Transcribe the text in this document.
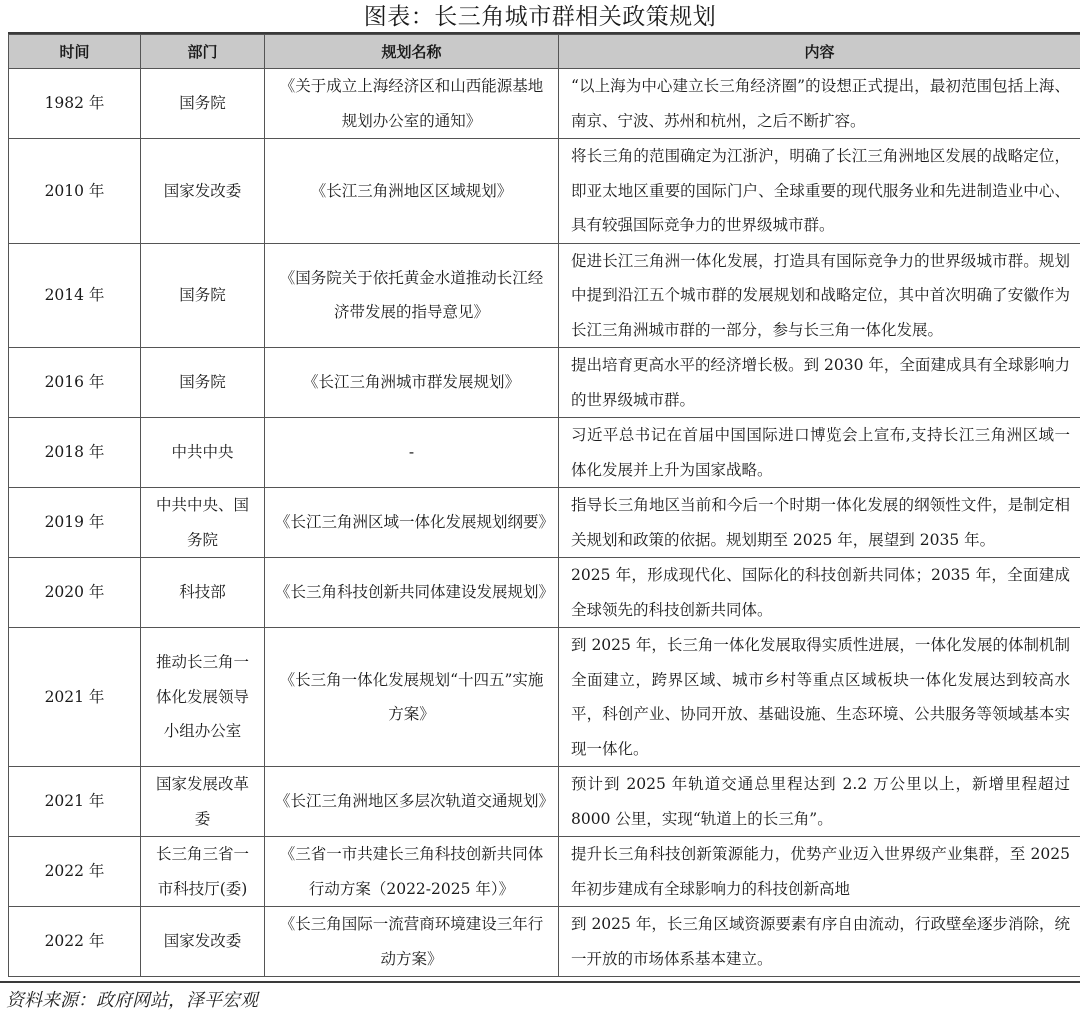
图表：长三角城市群相关政策规划
时间	部门	规划名称	内容
1982 年	国务院	《关于成立上海经济区和山西能源基地规划办公室的通知》	“以上海为中心建立长三角经济圈”的设想正式提出，最初范围包括上海、南京、宁波、苏州和杭州，之后不断扩容。
2010 年	国家发改委	《长江三角洲地区区域规划》	将长三角的范围确定为江浙沪，明确了长江三角洲地区发展的战略定位，即亚太地区重要的国际门户、全球重要的现代服务业和先进制造业中心、具有较强国际竞争力的世界级城市群。
2014 年	国务院	《国务院关于依托黄金水道推动长江经济带发展的指导意见》	促进长江三角洲一体化发展，打造具有国际竞争力的世界级城市群。规划中提到沿江五个城市群的发展规划和战略定位，其中首次明确了安徽作为长江三角洲城市群的一部分，参与长三角一体化发展。
2016 年	国务院	《长江三角洲城市群发展规划》	提出培育更高水平的经济增长极。到 2030 年，全面建成具有全球影响力的世界级城市群。
2018 年	中共中央	-	习近平总书记在首届中国国际进口博览会上宣布,支持长江三角洲区域一体化发展并上升为国家战略。
2019 年	中共中央、国务院	《长江三角洲区域一体化发展规划纲要》	指导长三角地区当前和今后一个时期一体化发展的纲领性文件，是制定相关规划和政策的依据。规划期至 2025 年，展望到 2035 年。
2020 年	科技部	《长三角科技创新共同体建设发展规划》	2025 年，形成现代化、国际化的科技创新共同体；2035 年，全面建成全球领先的科技创新共同体。
2021 年	推动长三角一体化发展领导小组办公室	《长三角一体化发展规划“十四五”实施方案》	到 2025 年，长三角一体化发展取得实质性进展，一体化发展的体制机制全面建立，跨界区域、城市乡村等重点区域板块一体化发展达到较高水平，科创产业、协同开放、基础设施、生态环境、公共服务等领域基本实现一体化。
2021 年	国家发展改革委	《长江三角洲地区多层次轨道交通规划》	预计到 2025 年轨道交通总里程达到 2.2 万公里以上，新增里程超过 8000 公里，实现“轨道上的长三角”。
2022 年	长三角三省一市科技厅(委)	《三省一市共建长三角科技创新共同体行动方案（2022-2025 年）》	提升长三角科技创新策源能力，优势产业迈入世界级产业集群，至 2025 年初步建成有全球影响力的科技创新高地
2022 年	国家发改委	《长三角国际一流营商环境建设三年行动方案》	到 2025 年，长三角区域资源要素有序自由流动，行政壁垒逐步消除，统一开放的市场体系基本建立。
资料来源：政府网站，泽平宏观
